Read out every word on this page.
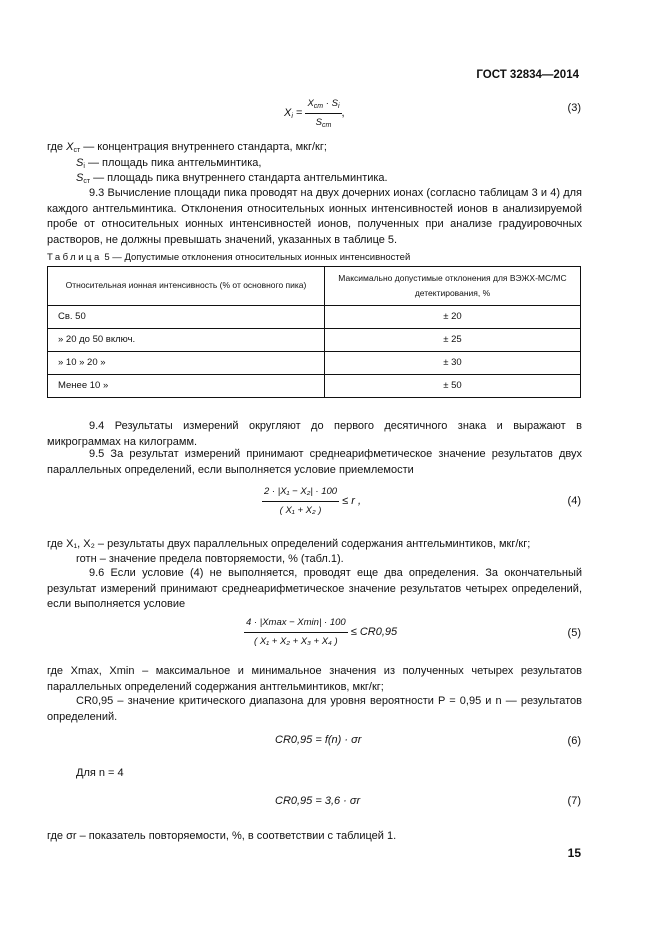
ГОСТ 32834—2014
$X_i = \frac{X_{ст} \cdot S_i}{S_{ст}}$ ,	(3)
где $X_{ст}$ — концентрация внутреннего стандарта, мкг/кг;
$S_i$ — площадь пика антгельминтика,
$S_{ст}$ — площадь пика внутреннего стандарта антгельминтика.
9.3 Вычисление площади пика проводят на двух дочерних ионах (согласно таблицам 3 и 4) для каждого антгельминтика. Отклонения относительных ионных интенсивностей ионов в анализируемой пробе от относительных ионных интенсивностей ионов, полученных при анализе градуировочных растворов, не должны превышать значений, указанных в таблице 5.
Таблица 5 — Допустимые отклонения относительных ионных интенсивностей
Относительная ионная интенсивность (% от основного пика)	Максимально допустимые отклонения для ВЭЖХ-МС/МС детектирования, %
Св. 50	± 20
» 20 до 50 включ.	± 25
» 10 » 20 »	± 30
Менее 10 »	± 50
9.4 Результаты измерений округляют до первого десятичного знака и выражают в микрограммах на килограмм.
9.5 За результат измерений принимают среднеарифметическое значение результатов двух параллельных определений, если выполняется условие приемлемости
$\frac{\text{2 · |X₁ − X₂| · 100}}{\text{( X₁ + X₂ )}} \le r$ ,	(4)
где X₁, X₂ – результаты двух параллельных определений содержания антгельминтиков, мкг/кг;
rотн – значение предела повторяемости, % (табл.1).
9.6 Если условие (4) не выполняется, проводят еще два определения. За окончательный результат измерений принимают среднеарифметическое значение результатов четырех определений, если выполняется условие
$\frac{4 \cdot |Xmax - Xmin| \cdot 100}{\text{( X₁ + X₂ + X₃ + X₄ )}} \le CR0,95$	(5)
где Xmax, Xmin – максимальное и минимальное значения из полученных четырех результатов параллельных определений содержания антгельминтиков, мкг/кг;
CR0,95 – значение критического диапазона для уровня вероятности P = 0,95 и n — результатов определений.
CR0,95 = f(n) · σr	(6)
Для n = 4
CR0,95 = 3,6 · σr	(7)
где σr – показатель повторяемости, %, в соответствии с таблицей 1.
15
